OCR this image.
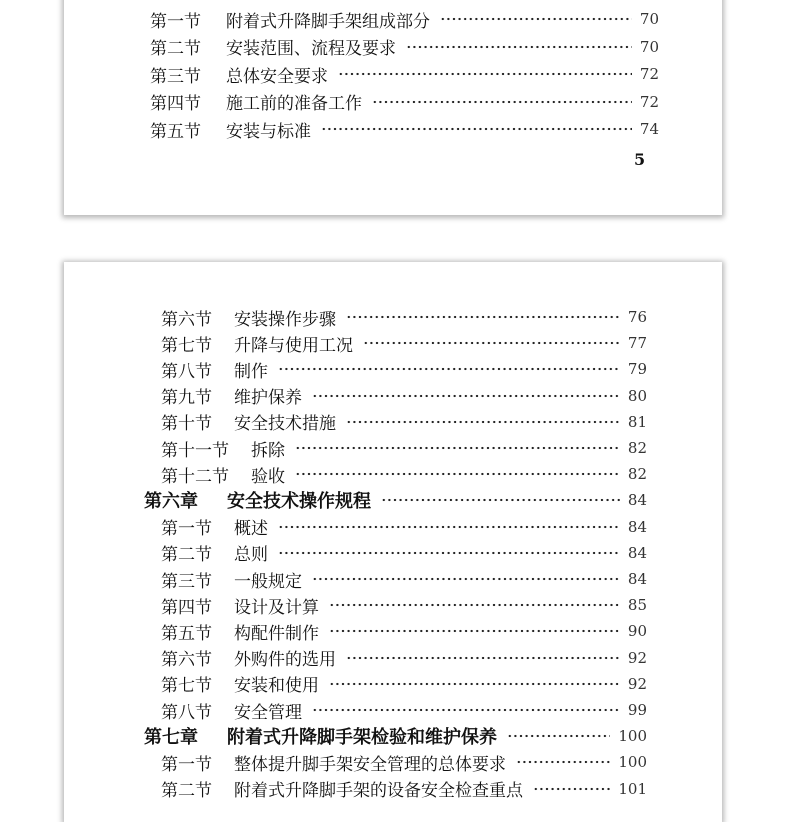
5
第一节	附着式升降脚手架组成部分	70
第二节	安装范围、流程及要求	70
第三节	总体安全要求	72
第四节	施工前的准备工作	72
第五节	安装与标准	74
第六节	安装操作步骤	76
第七节	升降与使用工况	77
第八节	制作	79
第九节	维护保养	80
第十节	安全技术措施	81
第十一节	拆除	82
第十二节	验收	82
第六章	安全技术操作规程	84
第一节	概述	84
第二节	总则	84
第三节	一般规定	84
第四节	设计及计算	85
第五节	构配件制作	90
第六节	外购件的选用	92
第七节	安装和使用	92
第八节	安全管理	99
第七章	附着式升降脚手架检验和维护保养	100
第一节	整体提升脚手架安全管理的总体要求	100
第二节	附着式升降脚手架的设备安全检查重点	101
